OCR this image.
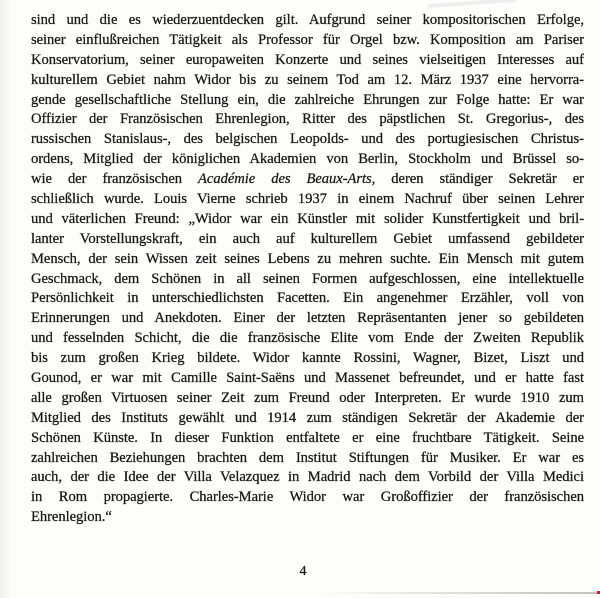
sind und die es wiederzuentdecken gilt. Aufgrund seiner kompositorischen Erfolge,
seiner einflußreichen Tätigkeit als Professor für Orgel bzw. Komposition am Pariser
Konservatorium, seiner europaweiten Konzerte und seines vielseitigen Interesses auf
kulturellem Gebiet nahm Widor bis zu seinem Tod am 12. März 1937 eine hervorra-
gende gesellschaftliche Stellung ein, die zahlreiche Ehrungen zur Folge hatte: Er war
Offizier der Französischen Ehrenlegion, Ritter des päpstlichen St. Gregorius-, des
russischen Stanislaus-, des belgischen Leopolds- und des portugiesischen Christus-
ordens, Mitglied der königlichen Akademien von Berlin, Stockholm und Brüssel so-
wie der französischen Académie des Beaux-Arts, deren ständiger Sekretär er
schließlich wurde. Louis Vierne schrieb 1937 in einem Nachruf über seinen Lehrer
und väterlichen Freund: „Widor war ein Künstler mit solider Kunstfertigkeit und bril-
lanter Vorstellungskraft, ein auch auf kulturellem Gebiet umfassend gebildeter
Mensch, der sein Wissen zeit seines Lebens zu mehren suchte. Ein Mensch mit gutem
Geschmack, dem Schönen in all seinen Formen aufgeschlossen, eine intellektuelle
Persönlichkeit in unterschiedlichsten Facetten. Ein angenehmer Erzähler, voll von
Erinnerungen und Anekdoten. Einer der letzten Repräsentanten jener so gebildeten
und fesselnden Schicht, die die französische Elite vom Ende der Zweiten Republik
bis zum großen Krieg bildete. Widor kannte Rossini, Wagner, Bizet, Liszt und
Gounod, er war mit Camille Saint-Saëns und Massenet befreundet, und er hatte fast
alle großen Virtuosen seiner Zeit zum Freund oder Interpreten. Er wurde 1910 zum
Mitglied des Instituts gewählt und 1914 zum ständigen Sekretär der Akademie der
Schönen Künste. In dieser Funktion entfaltete er eine fruchtbare Tätigkeit. Seine
zahlreichen Beziehungen brachten dem Institut Stiftungen für Musiker. Er war es
auch, der die Idee der Villa Velazquez in Madrid nach dem Vorbild der Villa Medici
in Rom propagierte. Charles-Marie Widor war Großoffizier der französischen
Ehrenlegion.“
4
